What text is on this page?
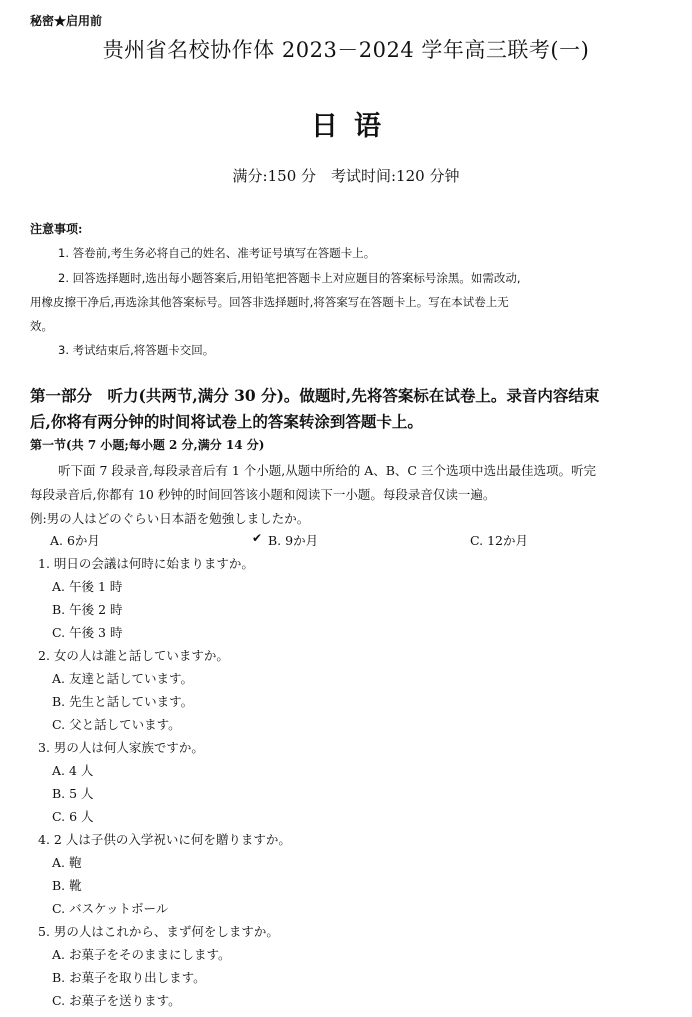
秘密★启用前
贵州省名校协作体 2023－2024 学年高三联考(一)
日语
满分:150 分　考试时间:120 分钟
注意事项:
1. 答卷前,考生务必将自己的姓名、准考证号填写在答题卡上。
2. 回答选择题时,选出每小题答案后,用铅笔把答题卡上对应题目的答案标号涂黑。如需改动,
用橡皮擦干净后,再选涂其他答案标号。回答非选择题时,将答案写在答题卡上。写在本试卷上无
效。
3. 考试结束后,将答题卡交回。
第一部分　听力(共两节,满分 30 分)。做题时,先将答案标在试卷上。录音内容结束
后,你将有两分钟的时间将试卷上的答案转涂到答题卡上。
第一节(共 7 小题;每小题 2 分,满分 14 分)
听下面 7 段录音,每段录音后有 1 个小题,从题中所给的 A、B、C 三个选项中选出最佳选项。听完
每段录音后,你都有 10 秒钟的时间回答该小题和阅读下一小题。每段录音仅读一遍。
例:男の人はどのぐらい日本語を勉強しましたか。
A. 6か月	✔ B. 9か月	C. 12か月
1. 明日の会議は何時に始まりますか。
A. 午後 1 時
B. 午後 2 時
C. 午後 3 時
2. 女の人は誰と話していますか。
A. 友達と話しています。
B. 先生と話しています。
C. 父と話しています。
3. 男の人は何人家族ですか。
A. 4 人
B. 5 人
C. 6 人
4. 2 人は子供の入学祝いに何を贈りますか。
A. 鞄
B. 靴
C. バスケットボール
5. 男の人はこれから、まず何をしますか。
A. お菓子をそのままにします。
B. お菓子を取り出します。
C. お菓子を送ります。
